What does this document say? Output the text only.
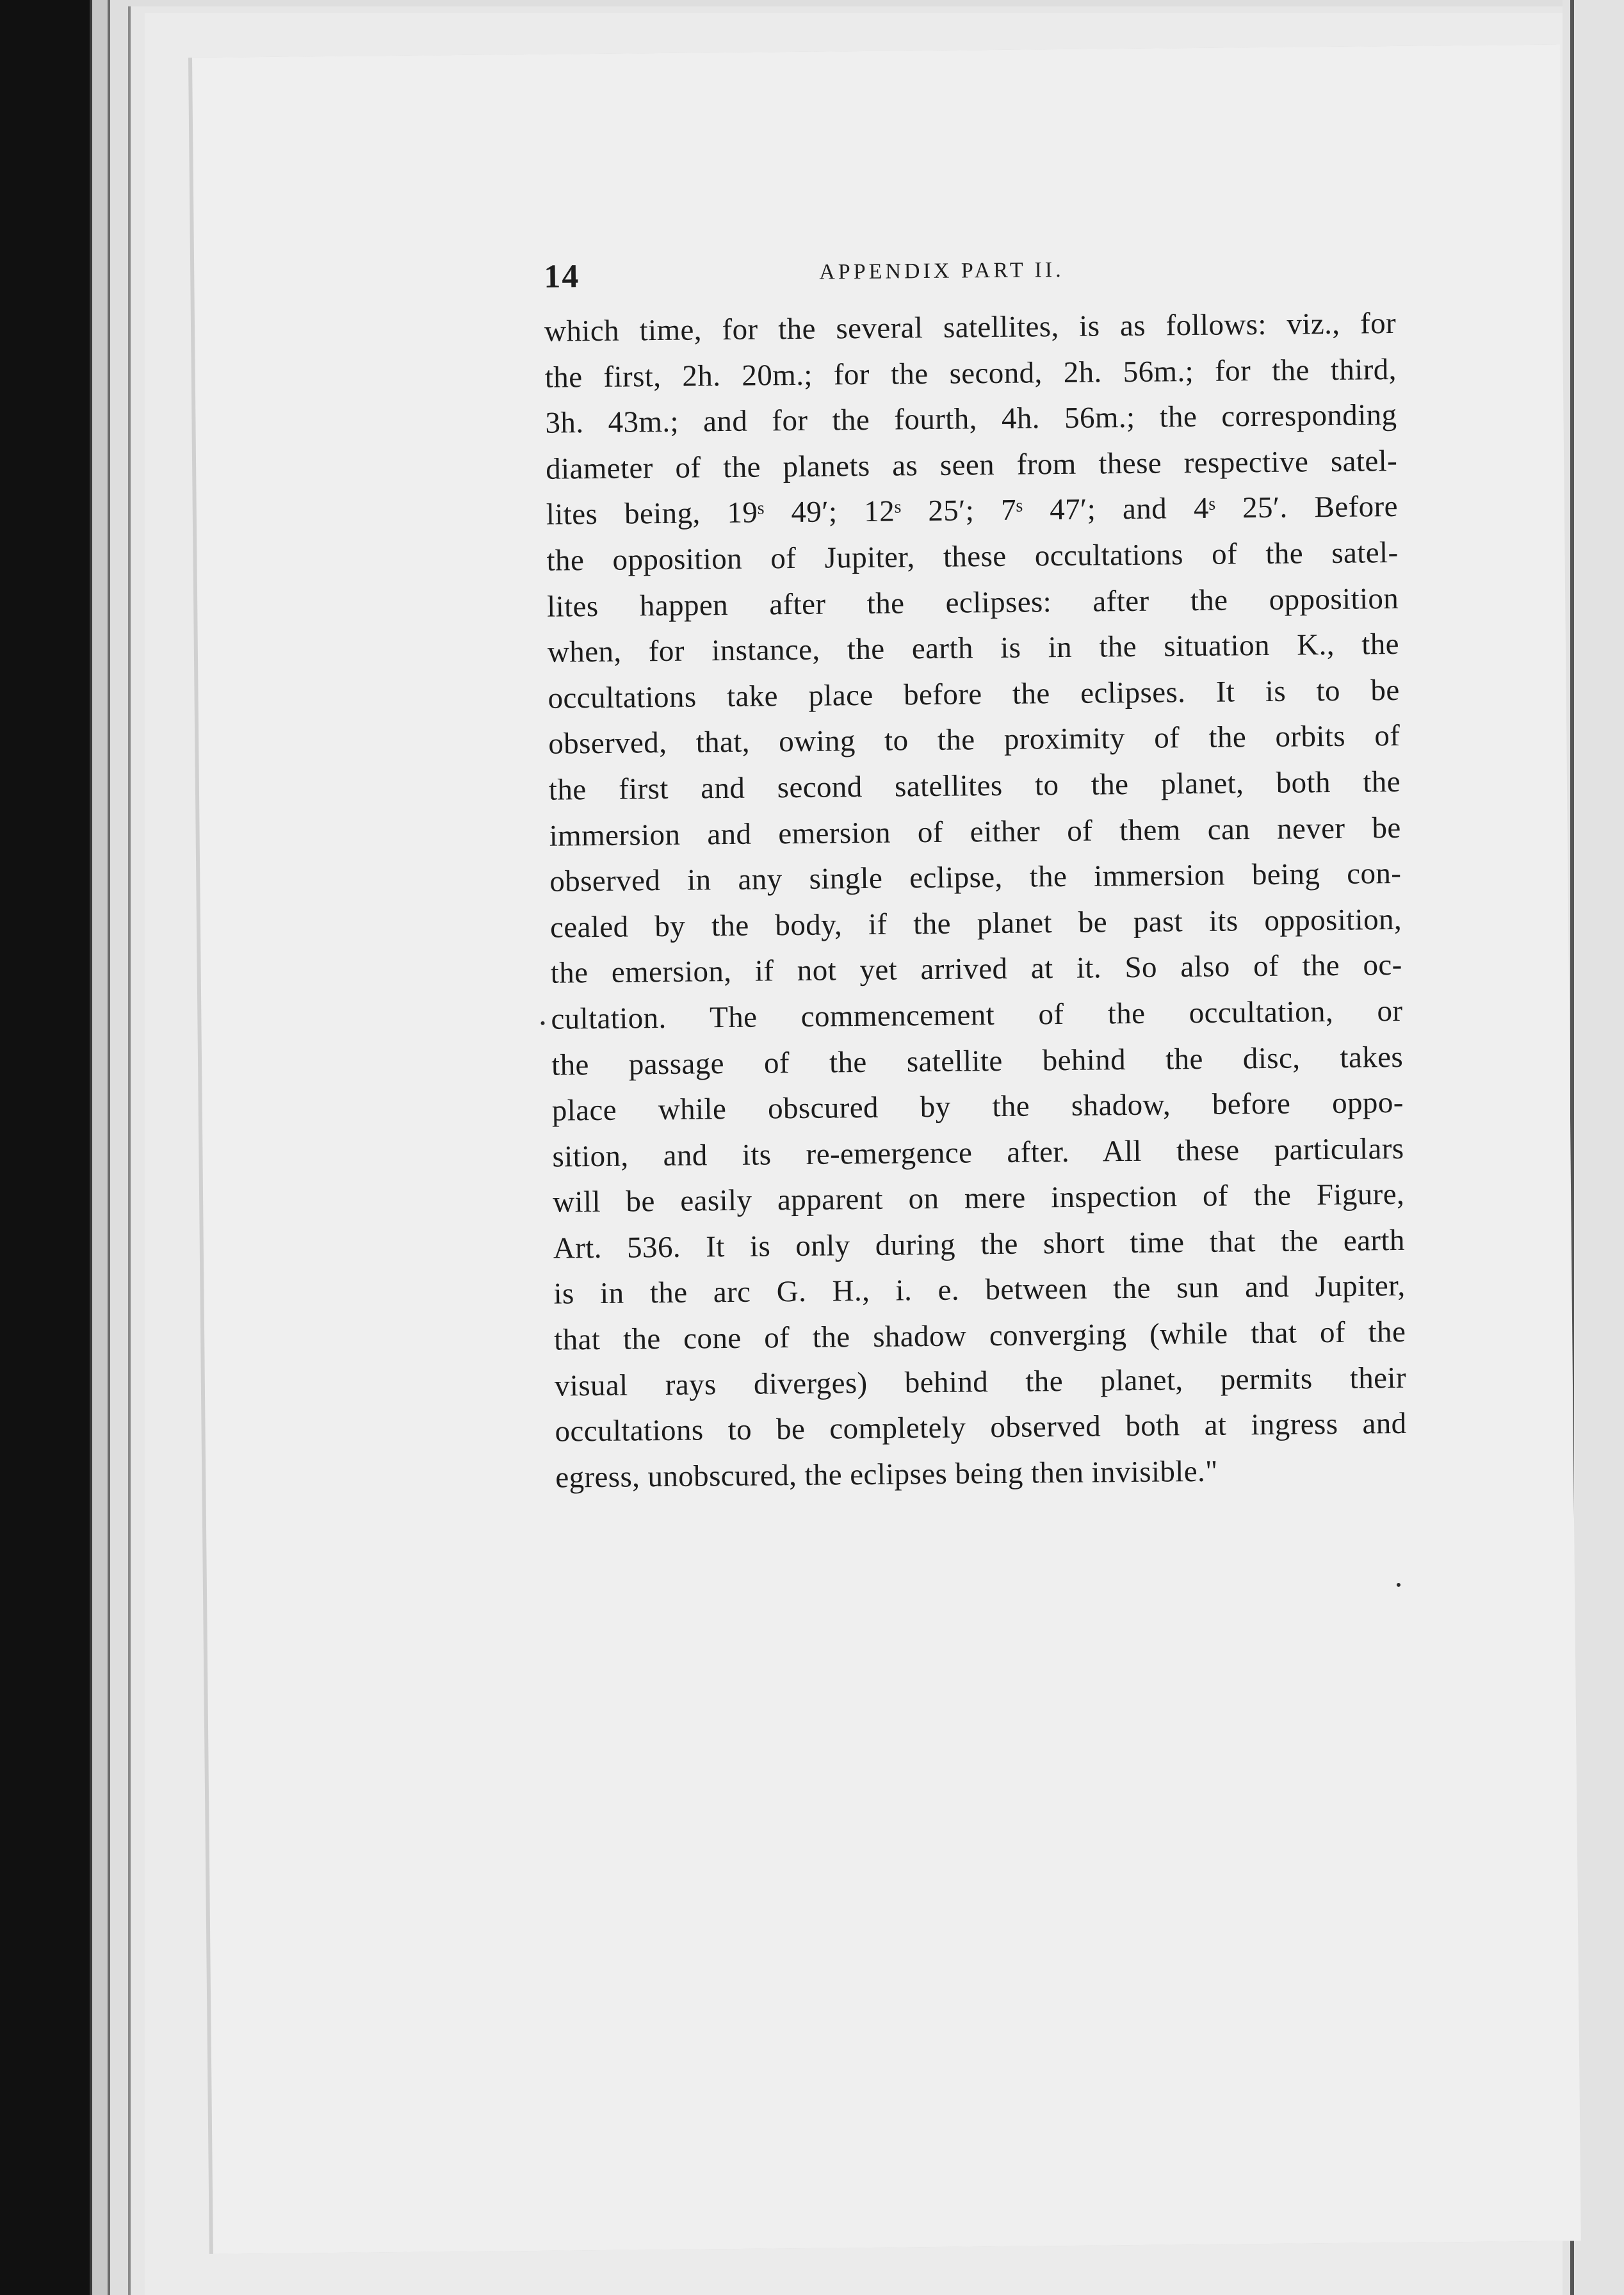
14	APPENDIX PART II.
which time, for the several satellites, is as follows: viz., for
the first, 2h. 20m.; for the second, 2h. 56m.; for the third,
3h. 43m.; and for the fourth, 4h. 56m.; the corresponding
diameter of the planets as seen from these respective satel-
lites being, 19ˢ 49′; 12ˢ 25′; 7ˢ 47′; and 4ˢ 25′. Before
the opposition of Jupiter, these occultations of the satel-
lites happen after the eclipses: after the opposition
when, for instance, the earth is in the situation K., the
occultations take place before the eclipses. It is to be
observed, that, owing to the proximity of the orbits of
the first and second satellites to the planet, both the
immersion and emersion of either of them can never be
observed in any single eclipse, the immersion being con-
cealed by the body, if the planet be past its opposition,
the emersion, if not yet arrived at it. So also of the oc-
cultation. The commencement of the occultation, or
the passage of the satellite behind the disc, takes
place while obscured by the shadow, before oppo-
sition, and its re-emergence after. All these particulars
will be easily apparent on mere inspection of the Figure,
Art. 536. It is only during the short time that the earth
is in the arc G. H., i. e. between the sun and Jupiter,
that the cone of the shadow converging (while that of the
visual rays diverges) behind the planet, permits their
occultations to be completely observed both at ingress and
egress, unobscured, the eclipses being then invisible."
